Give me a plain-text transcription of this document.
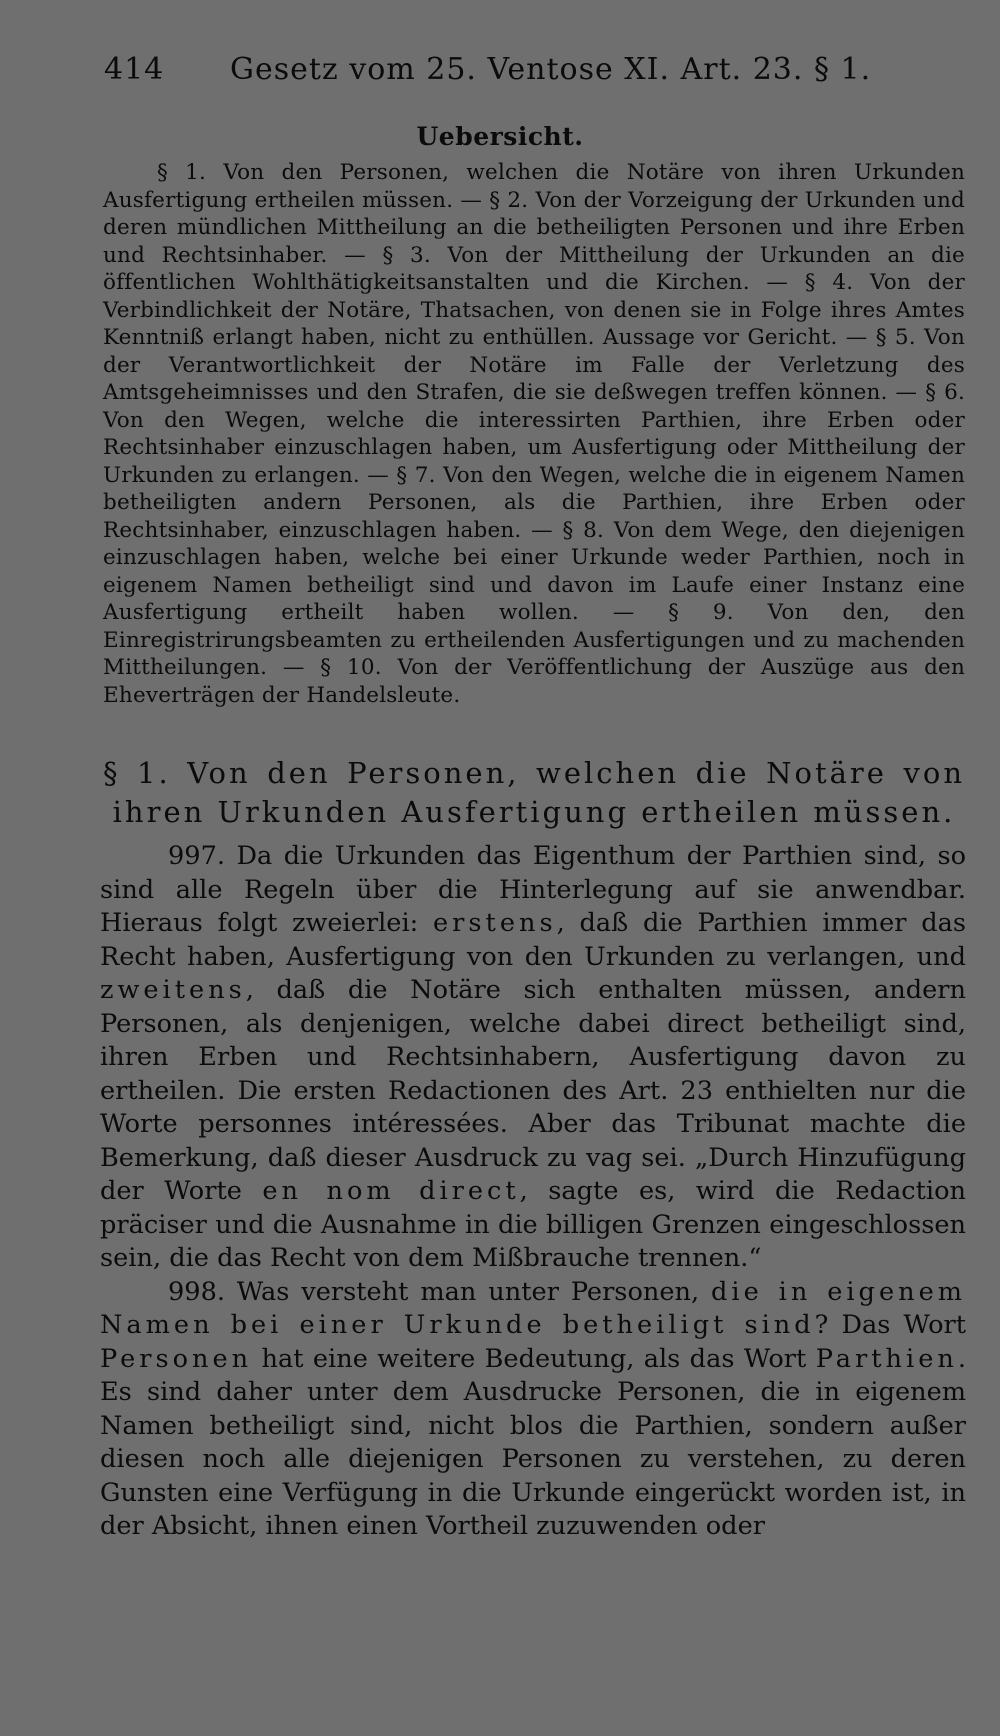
414 Gesetz vom 25. Ventose XI. Art. 23. § 1.
Uebersicht.
§ 1. Von den Personen, welchen die Notäre von ihren Urkunden Ausfertigung ertheilen müssen. — § 2. Von der Vorzeigung der Urkunden und deren mündlichen Mittheilung an die betheiligten Personen und ihre Erben und Rechtsinhaber. — § 3. Von der Mittheilung der Urkunden an die öffentlichen Wohlthätigkeitsanstalten und die Kirchen. — § 4. Von der Verbindlichkeit der Notäre, Thatsachen, von denen sie in Folge ihres Amtes Kenntniß erlangt haben, nicht zu enthüllen. Aussage vor Gericht. — § 5. Von der Verantwortlichkeit der Notäre im Falle der Verletzung des Amtsgeheimnisses und den Strafen, die sie deßwegen treffen können. — § 6. Von den Wegen, welche die interessirten Parthien, ihre Erben oder Rechtsinhaber einzuschlagen haben, um Ausfertigung oder Mittheilung der Urkunden zu erlangen. — § 7. Von den Wegen, welche die in eigenem Namen betheiligten andern Personen, als die Parthien, ihre Erben oder Rechtsinhaber, einzuschlagen haben. — § 8. Von dem Wege, den diejenigen einzuschlagen haben, welche bei einer Urkunde weder Parthien, noch in eigenem Namen betheiligt sind und davon im Laufe einer Instanz eine Ausfertigung ertheilt haben wollen. — § 9. Von den, den Einregistrirungsbeamten zu ertheilenden Ausfertigungen und zu machenden Mittheilungen. — § 10. Von der Veröffentlichung der Auszüge aus den Eheverträgen der Handelsleute.
§ 1. Von den Personen, welchen die Notäre von ihren Urkunden Ausfertigung ertheilen müssen.

997. Da die Urkunden das Eigenthum der Parthien sind, so sind alle Regeln über die Hinterlegung auf sie anwendbar. Hieraus folgt zweierlei: erstens, daß die Parthien immer das Recht haben, Ausfertigung von den Urkunden zu verlangen, und zweitens, daß die Notäre sich enthalten müssen, andern Personen, als denjenigen, welche dabei direct betheiligt sind, ihren Erben und Rechtsinhabern, Ausfertigung davon zu ertheilen. Die ersten Redactionen des Art. 23 enthielten nur die Worte personnes intéressées. Aber das Tribunat machte die Bemerkung, daß dieser Ausdruck zu vag sei. „Durch Hinzufügung der Worte en nom direct, sagte es, wird die Redaction präciser und die Ausnahme in die billigen Grenzen eingeschlossen sein, die das Recht von dem Mißbrauche trennen.“

998. Was versteht man unter Personen, die in eigenem Namen bei einer Urkunde betheiligt sind? Das Wort Personen hat eine weitere Bedeutung, als das Wort Parthien. Es sind daher unter dem Ausdrucke Personen, die in eigenem Namen betheiligt sind, nicht blos die Parthien, sondern außer diesen noch alle diejenigen Personen zu verstehen, zu deren Gunsten eine Verfügung in die Urkunde eingerückt worden ist, in der Absicht, ihnen einen Vortheil zuzuwenden oder
